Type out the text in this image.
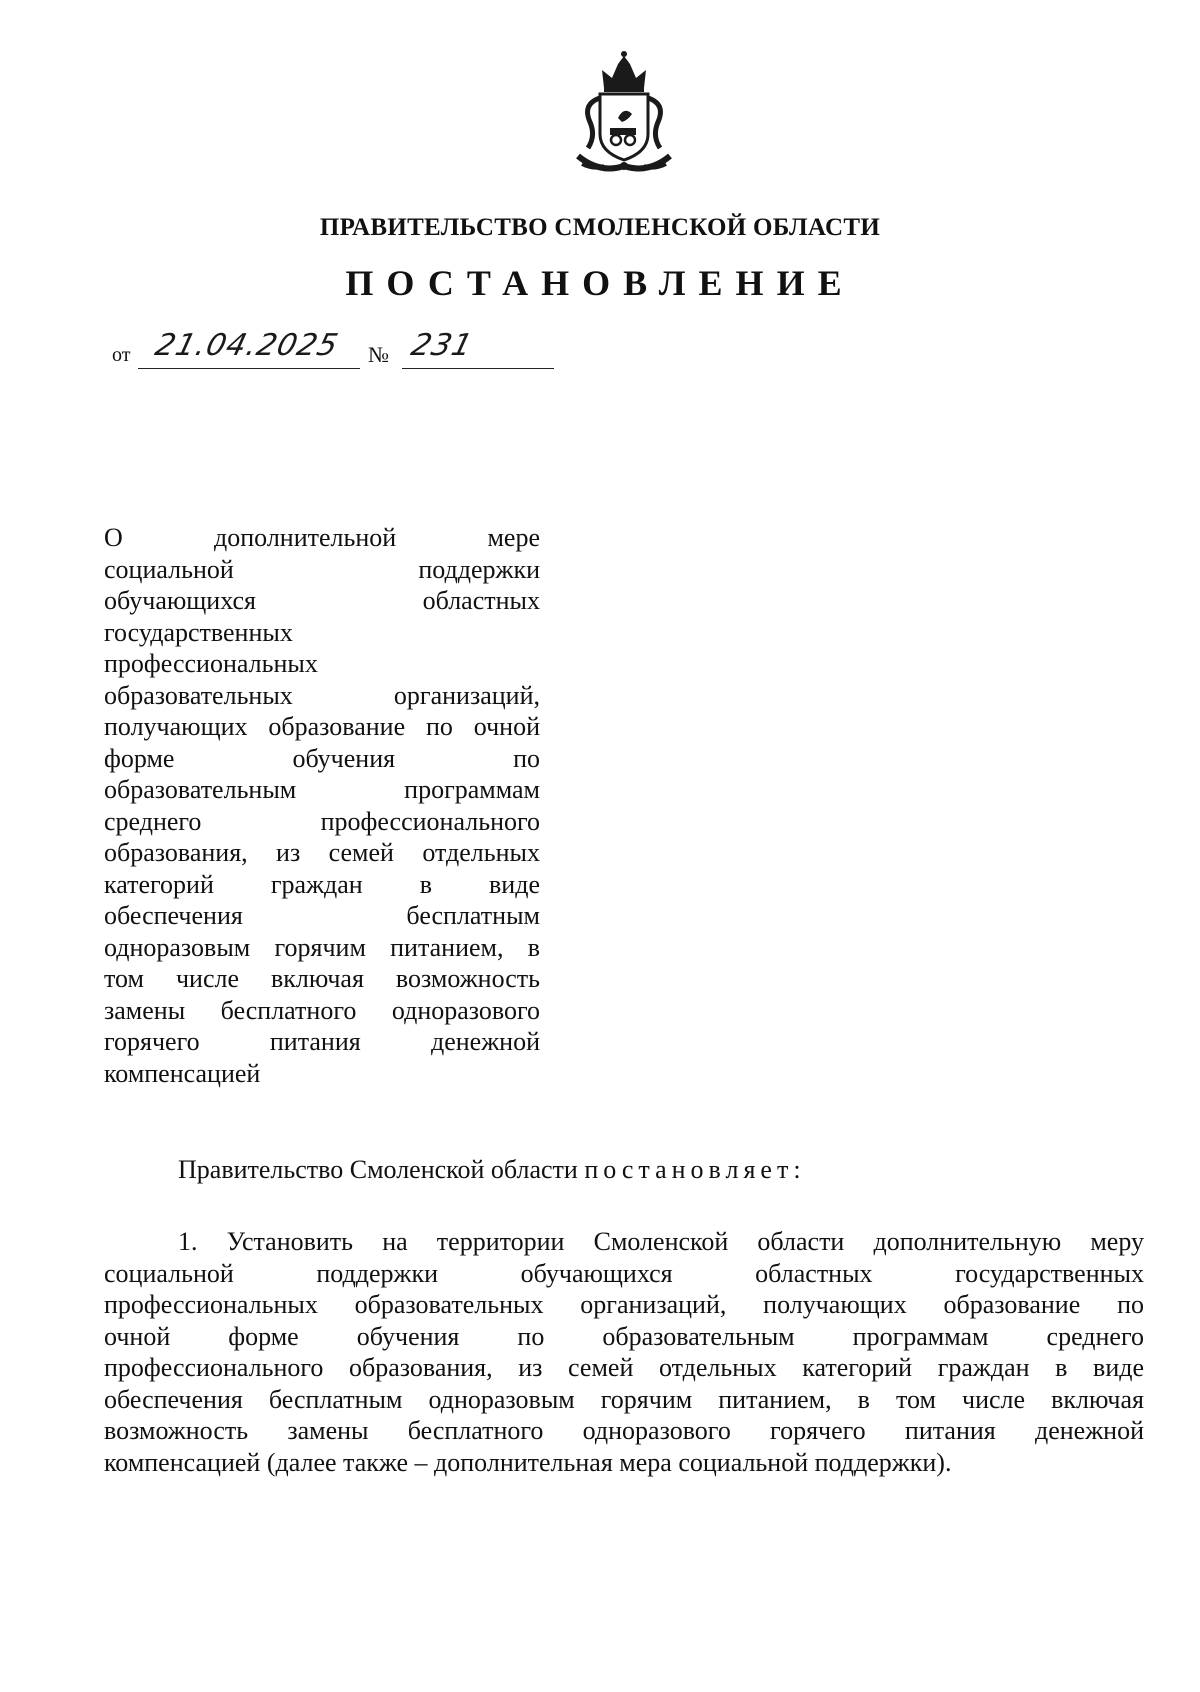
ПРАВИТЕЛЬСТВО СМОЛЕНСКОЙ ОБЛАСТИ
ПОСТАНОВЛЕНИЕ
от 21.04.2025 № 231
О дополнительной мере
социальной поддержки
обучающихся областных
государственных
профессиональных
образовательных организаций,
получающих образование по очной
форме обучения по
образовательным программам
среднего профессионального
образования, из семей отдельных
категорий граждан в виде
обеспечения бесплатным
одноразовым горячим питанием, в
том числе включая возможность
замены бесплатного одноразового
горячего питания денежной
компенсацией
Правительство Смоленской области постановляет:
1. Установить на территории Смоленской области дополнительную меру
социальной поддержки обучающихся областных государственных
профессиональных образовательных организаций, получающих образование по
очной форме обучения по образовательным программам среднего
профессионального образования, из семей отдельных категорий граждан в виде
обеспечения бесплатным одноразовым горячим питанием, в том числе включая
возможность замены бесплатного одноразового горячего питания денежной
компенсацией (далее также – дополнительная мера социальной поддержки).
